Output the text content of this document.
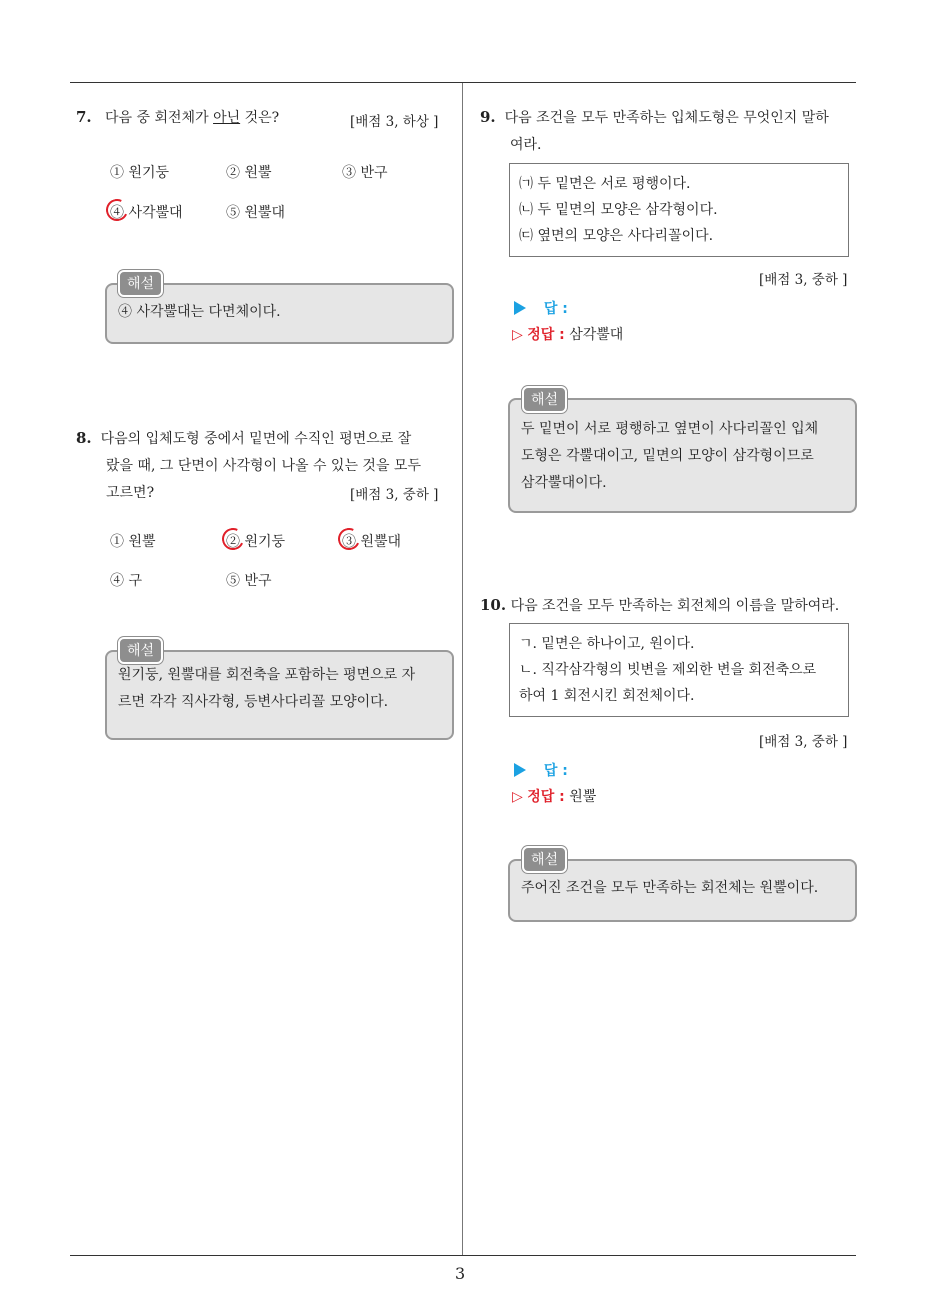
3
7. 다음 중 회전체가 아닌 것은?	[배점 3, 하상 ]
① 원기둥	② 원뿔	③ 반구
④ 사각뿔대	⑤ 원뿔대
④ 사각뿔대는 다면체이다.
해설
8. 다음의 입체도형 중에서 밑면에 수직인 평면으로 잘
랐을 때, 그 단면이 사각형이 나올 수 있는 것을 모두
고르면?	[배점 3, 중하 ]
① 원뿔	② 원기둥	③ 원뿔대
④ 구	⑤ 반구
원기둥, 원뿔대를 회전축을 포함하는 평면으로 자
르면 각각 직사각형, 등변사다리꼴 모양이다.
해설
9. 다음 조건을 모두 만족하는 입체도형은 무엇인지 말하
여라.
㈀ 두 밑면은 서로 평행이다.
㈁ 두 밑면의 모양은 삼각형이다.
㈂ 옆면의 모양은 사다리꼴이다.
[배점 3, 중하 ]
답 :
▷ 정답 : 삼각뿔대
두 밑면이 서로 평행하고 옆면이 사다리꼴인 입체
도형은 각뿔대이고, 밑면의 모양이 삼각형이므로
삼각뿔대이다.
해설
10. 다음 조건을 모두 만족하는 회전체의 이름을 말하여라.
ㄱ. 밑면은 하나이고, 원이다.
ㄴ. 직각삼각형의 빗변을 제외한 변을 회전축으로
하여 1 회전시킨 회전체이다.
[배점 3, 중하 ]
답 :
▷ 정답 : 원뿔
주어진 조건을 모두 만족하는 회전체는 원뿔이다.
해설
